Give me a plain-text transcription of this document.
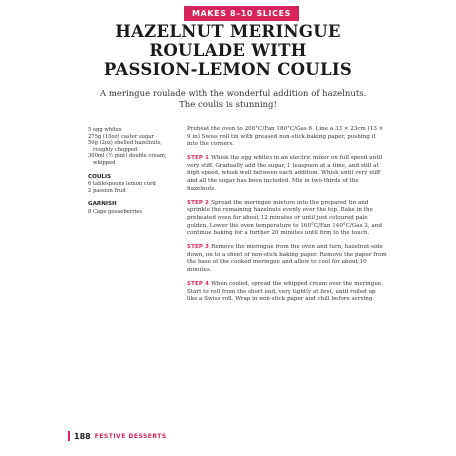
MAKES 8–10 SLICES
HAZELNUT MERINGUE
ROULADE WITH
PASSION-LEMON COULIS

A meringue roulade with the wonderful addition of hazelnuts.
The coulis is stunning!

5 egg whites
275g (10oz) caster sugar
50g (2oz) shelled hazelnuts, roughly chopped
300ml (½ pint) double cream, whipped
COULIS
6 tablespoons lemon curd
2 passion fruit
GARNISH
8 Cape gooseberries

Preheat the oven to 200°C/Fan 180°C/Gas 6. Line a 33 × 23cm (13 × 9 in) Swiss roll tin with greased non-stick baking paper, pushing it into the corners.

STEP 1 Whisk the egg whites in an electric mixer on full speed until very stiff. Gradually add the sugar, 1 teaspoon at a time, and still at high speed, whisk well between each addition. Whisk until very stiff and all the sugar has been included. Mix in two-thirds of the hazelnuts.

STEP 2 Spread the meringue mixture into the prepared tin and sprinkle the remaining hazelnuts evenly over the top. Bake in the preheated oven for about 12 minutes or until just coloured pale golden. Lower the oven temperature to 160°C/Fan 140°C/Gas 3, and continue baking for a further 20 minutes until firm to the touch.

STEP 3 Remove the meringue from the oven and turn, hazelnut-side down, on to a sheet of non-stick baking paper. Remove the paper from the base of the cooked meringue and allow to cool for about 10 minutes.

STEP 4 When cooled, spread the whipped cream over the meringue. Start to roll from the short end, very tightly at first, until rolled up like a Swiss roll. Wrap in non-stick paper and chill before serving.

188 FESTIVE DESSERTS
